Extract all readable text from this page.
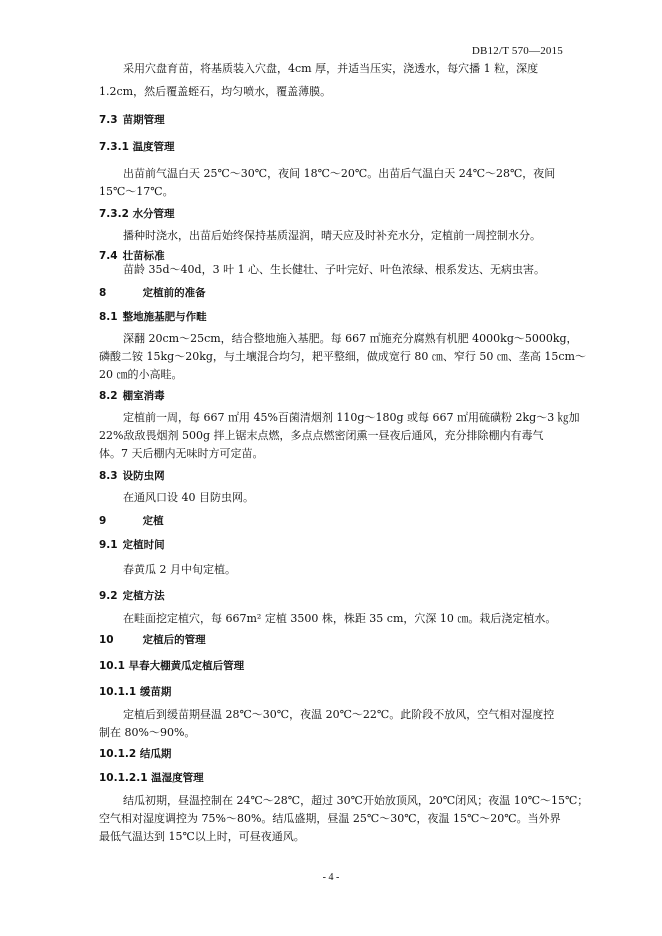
DB12/T 570—2015
采用穴盘育苗，将基质装入穴盘，4cm 厚，并适当压实，浇透水，每穴播 1 粒，深度
1.2cm，然后覆盖蛭石，均匀喷水，覆盖薄膜。
7.3 苗期管理
7.3.1 温度管理
出苗前气温白天 25℃～30℃，夜间 18℃～20℃。出苗后气温白天 24℃～28℃，夜间
15℃～17℃。
7.3.2 水分管理
播种时浇水，出苗后始终保持基质湿润，晴天应及时补充水分，定植前一周控制水分。
7.4 壮苗标准
苗龄 35d～40d，3 叶 1 心、生长健壮、子叶完好、叶色浓绿、根系发达、无病虫害。
8	定植前的准备
8.1 整地施基肥与作畦
深翻 20cm～25cm，结合整地施入基肥。每 667 ㎡施充分腐熟有机肥 4000kg～5000kg，
磷酸二铵 15kg～20kg，与土壤混合均匀，耙平整细，做成宽行 80 ㎝、窄行 50 ㎝、垄高 15cm～
20 ㎝的小高畦。
8.2 棚室消毒
定植前一周，每 667 ㎡用 45%百菌清烟剂 110g～180g 或每 667 ㎡用硫磺粉 2kg～3 ㎏加
22%敌敌畏烟剂 500g 拌上锯末点燃，多点点燃密闭熏一昼夜后通风，充分排除棚内有毒气
体。7 天后棚内无味时方可定苗。
8.3 设防虫网
在通风口设 40 目防虫网。
9	定植
9.1 定植时间
春黄瓜 2 月中旬定植。
9.2 定植方法
在畦面挖定植穴，每 667m² 定植 3500 株，株距 35 cm，穴深 10 ㎝。栽后浇定植水。
10	定植后的管理
10.1 早春大棚黄瓜定植后管理
10.1.1 缓苗期
定植后到缓苗期昼温 28℃～30℃，夜温 20℃～22℃。此阶段不放风，空气相对湿度控
制在 80%～90%。
10.1.2 结瓜期
10.1.2.1 温湿度管理
结瓜初期，昼温控制在 24℃～28℃，超过 30℃开始放顶风，20℃闭风；夜温 10℃～15℃；
空气相对湿度调控为 75%～80%。结瓜盛期，昼温 25℃～30℃，夜温 15℃～20℃。当外界
最低气温达到 15℃以上时，可昼夜通风。
- 4 -
